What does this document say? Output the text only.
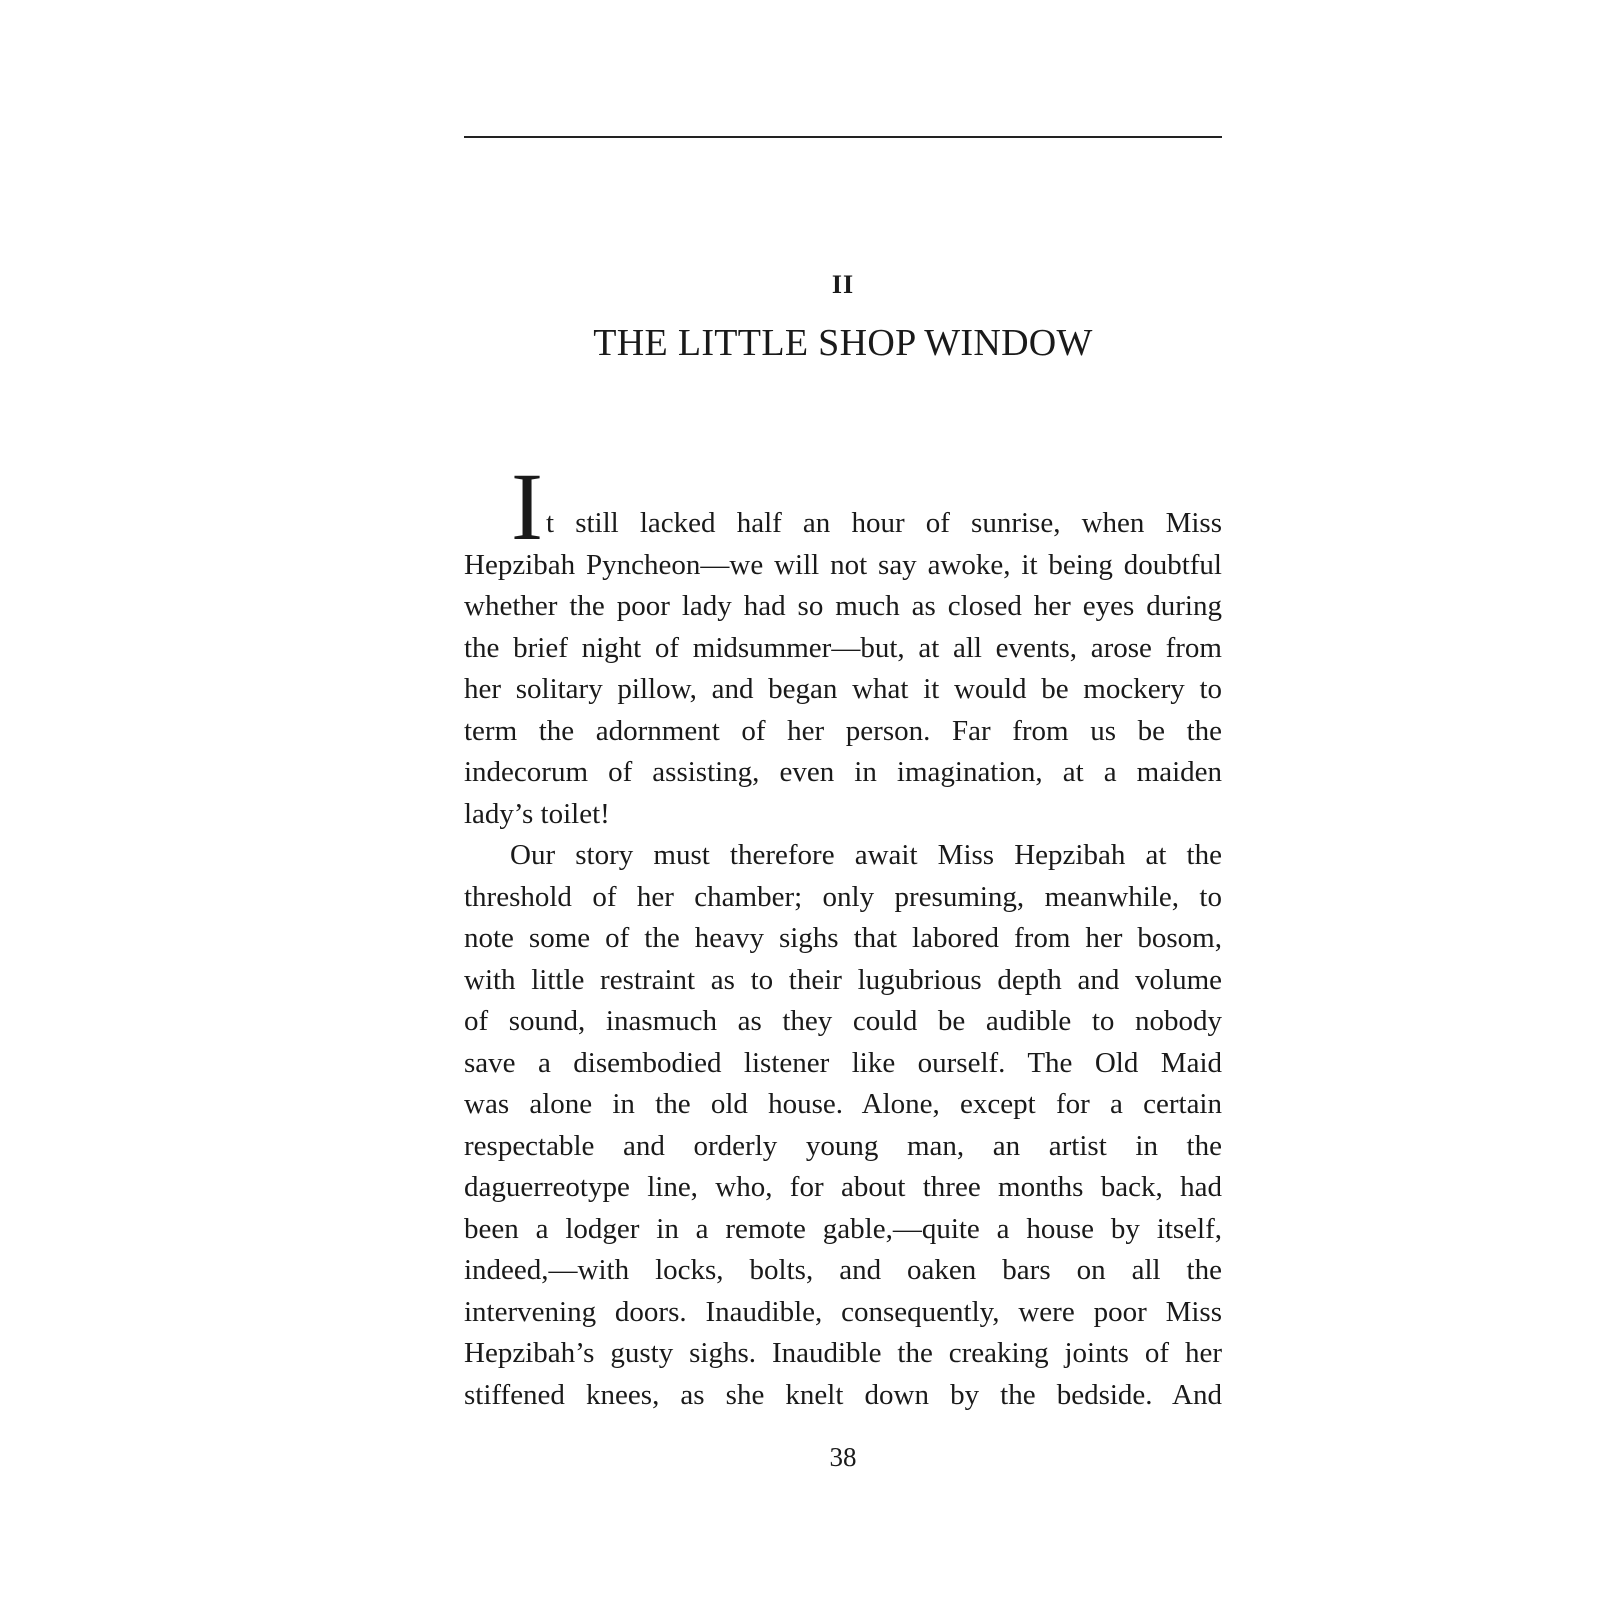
II
THE LITTLE SHOP WINDOW
I t still lacked half an hour of sunrise, when Miss
Hepzibah Pyncheon—we will not say awoke, it being doubtful
whether the poor lady had so much as closed her eyes during
the brief night of midsummer—but, at all events, arose from
her solitary pillow, and began what it would be mockery to
term the adornment of her person. Far from us be the
indecorum of assisting, even in imagination, at a maiden
lady’s toilet!
Our story must therefore await Miss Hepzibah at the
threshold of her chamber; only presuming, meanwhile, to
note some of the heavy sighs that labored from her bosom,
with little restraint as to their lugubrious depth and volume
of sound, inasmuch as they could be audible to nobody
save a disembodied listener like ourself. The Old Maid
was alone in the old house. Alone, except for a certain
respectable and orderly young man, an artist in the
daguerreotype line, who, for about three months back, had
been a lodger in a remote gable,—quite a house by itself,
indeed,—with locks, bolts, and oaken bars on all the
intervening doors. Inaudible, consequently, were poor Miss
Hepzibah’s gusty sighs. Inaudible the creaking joints of her
stiffened knees, as she knelt down by the bedside. And
38
